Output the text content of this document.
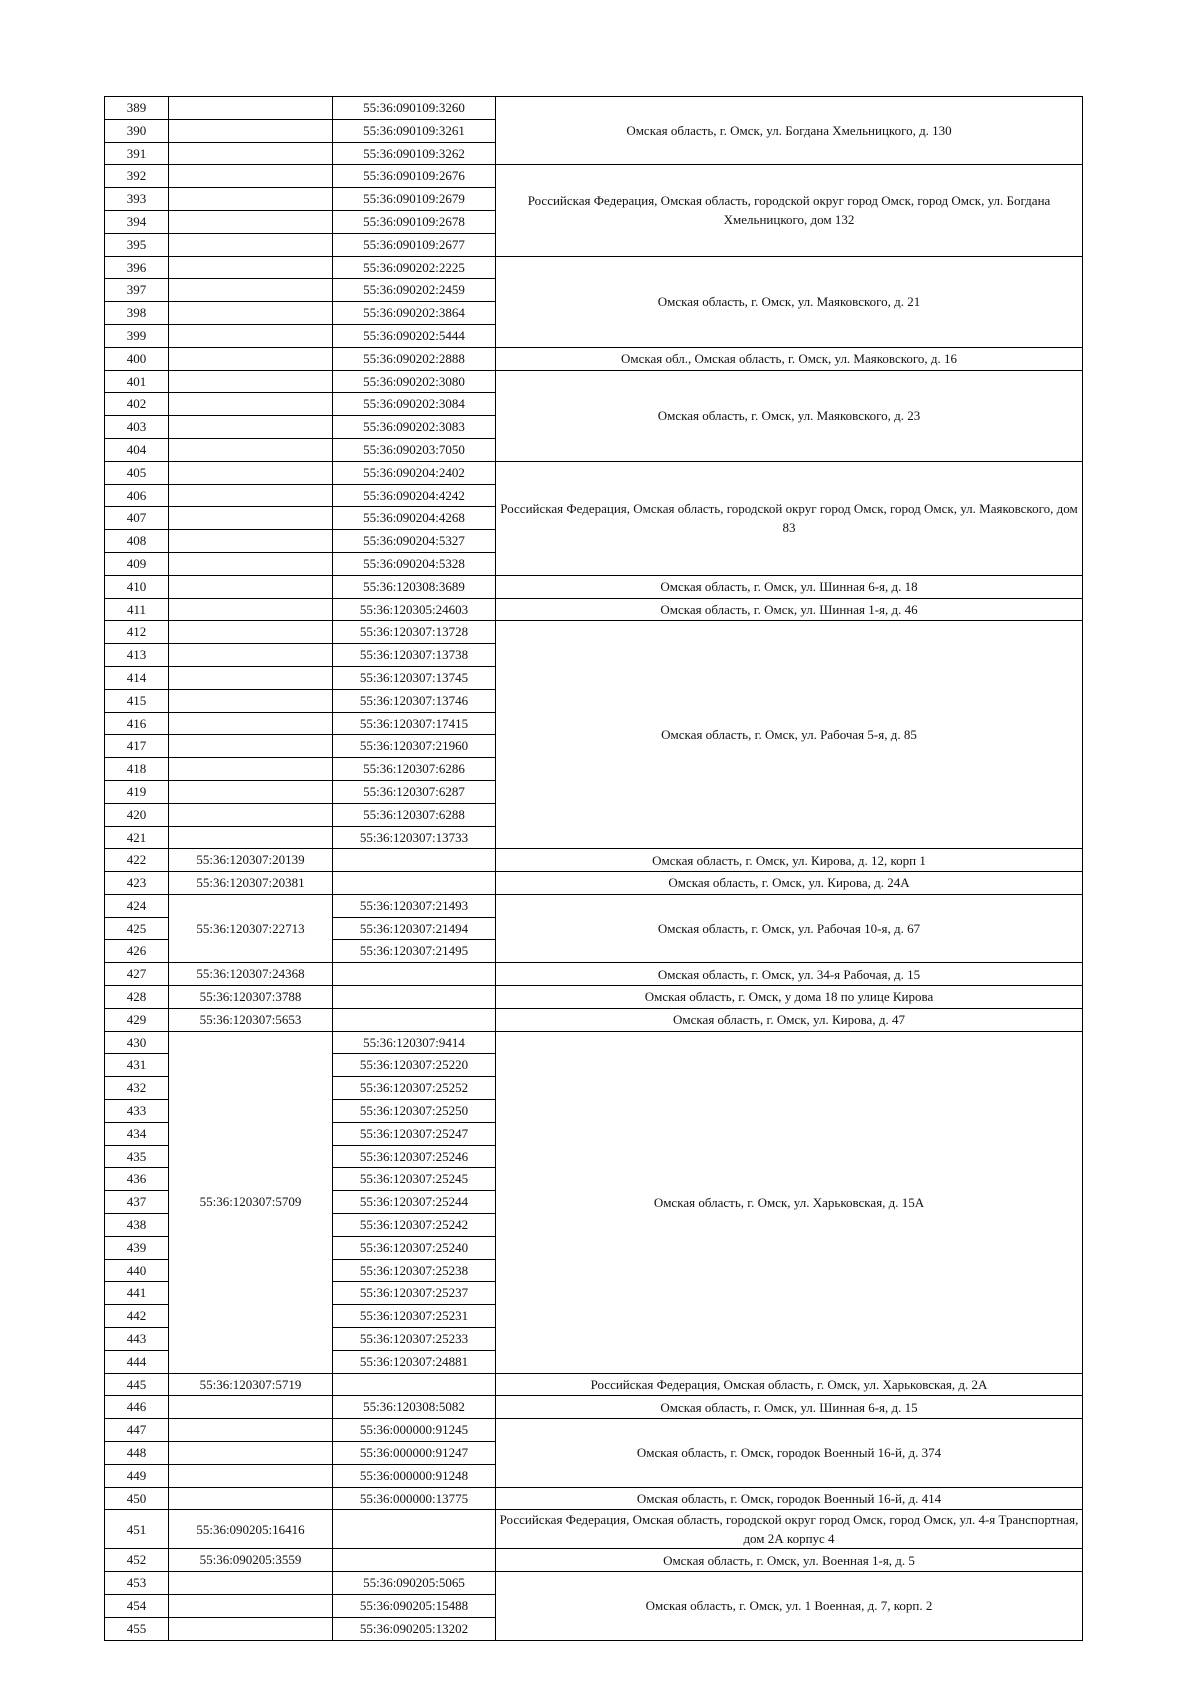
389		55:36:090109:3260	Омская область, г. Омск, ул. Богдана Хмельницкого, д. 130
390		55:36:090109:3261	
391		55:36:090109:3262	
392		55:36:090109:2676	Российская Федерация, Омская область, городской округ город Омск, город Омск, ул. Богдана Хмельницкого, дом 132
393		55:36:090109:2679	
394		55:36:090109:2678	
395		55:36:090109:2677	
396		55:36:090202:2225	Омская область, г. Омск, ул. Маяковского, д. 21
397		55:36:090202:2459	
398		55:36:090202:3864	
399		55:36:090202:5444	
400		55:36:090202:2888	Омская обл., Омская область, г. Омск, ул. Маяковского, д. 16
401		55:36:090202:3080	Омская область, г. Омск, ул. Маяковского, д. 23
402		55:36:090202:3084	
403		55:36:090202:3083	
404		55:36:090203:7050	
405		55:36:090204:2402	Российская Федерация, Омская область, городской округ город Омск, город Омск, ул. Маяковского, дом 83
406		55:36:090204:4242	
407		55:36:090204:4268	
408		55:36:090204:5327	
409		55:36:090204:5328	
410		55:36:120308:3689	Омская область, г. Омск, ул. Шинная 6-я, д. 18
411		55:36:120305:24603	Омская область, г. Омск, ул. Шинная 1-я, д. 46
412		55:36:120307:13728	Омская область, г. Омск, ул. Рабочая 5-я, д. 85
413		55:36:120307:13738	
414		55:36:120307:13745	
415		55:36:120307:13746	
416		55:36:120307:17415	
417		55:36:120307:21960	
418		55:36:120307:6286	
419		55:36:120307:6287	
420		55:36:120307:6288	
421		55:36:120307:13733	
422	55:36:120307:20139		Омская область, г. Омск, ул. Кирова, д. 12, корп 1
423	55:36:120307:20381		Омская область, г. Омск, ул. Кирова, д. 24А
424	55:36:120307:22713	55:36:120307:21493	Омская область, г. Омск, ул. Рабочая 10-я, д. 67
425		55:36:120307:21494	
426		55:36:120307:21495	
427	55:36:120307:24368		Омская область, г. Омск, ул. 34-я Рабочая, д. 15
428	55:36:120307:3788		Омская область, г. Омск, у дома 18 по улице Кирова
429	55:36:120307:5653		Омская область, г. Омск, ул. Кирова, д. 47
430	55:36:120307:5709	55:36:120307:9414	Омская область, г. Омск, ул. Харьковская, д. 15А
431		55:36:120307:25220	
432		55:36:120307:25252	
433		55:36:120307:25250	
434		55:36:120307:25247	
435		55:36:120307:25246	
436		55:36:120307:25245	
437		55:36:120307:25244	
438		55:36:120307:25242	
439		55:36:120307:25240	
440		55:36:120307:25238	
441		55:36:120307:25237	
442		55:36:120307:25231	
443		55:36:120307:25233	
444		55:36:120307:24881	
445	55:36:120307:5719		Российская Федерация, Омская область, г. Омск, ул. Харьковская, д. 2А
446		55:36:120308:5082	Омская область, г. Омск, ул. Шинная 6-я, д. 15
447		55:36:000000:91245	Омская область, г. Омск, городок Военный 16-й, д. 374
448		55:36:000000:91247	
449		55:36:000000:91248	
450		55:36:000000:13775	Омская область, г. Омск, городок Военный 16-й, д. 414
451	55:36:090205:16416		Российская Федерация, Омская область, городской округ город Омск, город Омск, ул. 4-я Транспортная, дом 2А корпус 4
452	55:36:090205:3559		Омская область, г. Омск, ул. Военная 1-я, д. 5
453		55:36:090205:5065	Омская область, г. Омск, ул. 1 Военная, д. 7, корп. 2
454		55:36:090205:15488	
455		55:36:090205:13202	
